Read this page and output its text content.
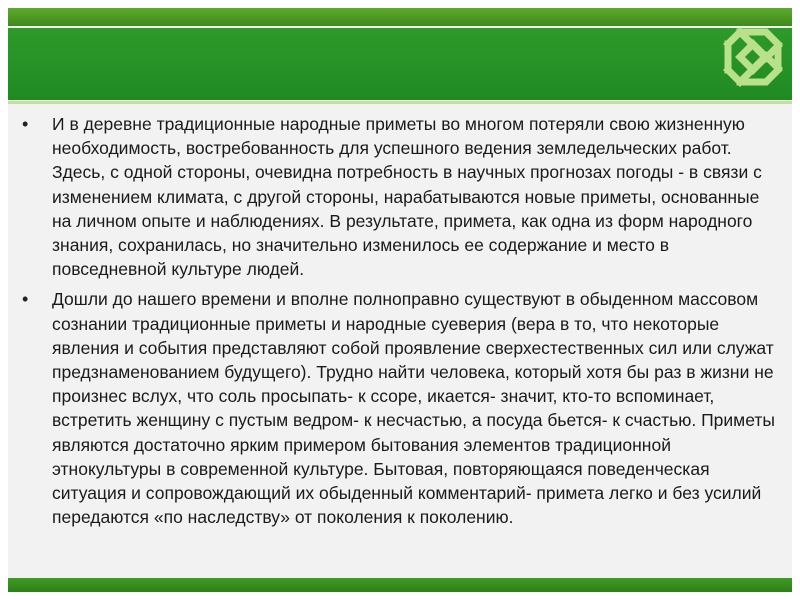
• И в деревне традиционные народные приметы во многом потеряли свою жизненную необходимость, востребованность для успешного ведения земледельческих работ. Здесь, с одной стороны, очевидна потребность в научных прогнозах погоды - в связи с изменением климата, с другой стороны, нарабатываются новые приметы, основанные на личном опыте и наблюдениях. В результате, примета, как одна из форм народного знания, сохранилась, но значительно изменилось ее содержание и место в повседневной культуре людей.
• Дошли до нашего времени и вполне полноправно существуют в обыденном массовом сознании традиционные приметы и народные суеверия (вера в то, что некоторые явления и события представляют собой проявление сверхестественных сил или служат предзнаменованием будущего). Трудно найти человека, который хотя бы раз в жизни не произнес вслух, что соль просыпать- к ссоре, икается- значит, кто-то вспоминает, встретить женщину с пустым ведром- к несчастью, а посуда бьется- к счастью. Приметы являются достаточно ярким примером бытования элементов традиционной этнокультуры в современной культуре. Бытовая, повторяющаяся поведенческая ситуация и сопровождающий их обыденный комментарий- примета легко и без усилий передаются «по наследству» от поколения к поколению.
